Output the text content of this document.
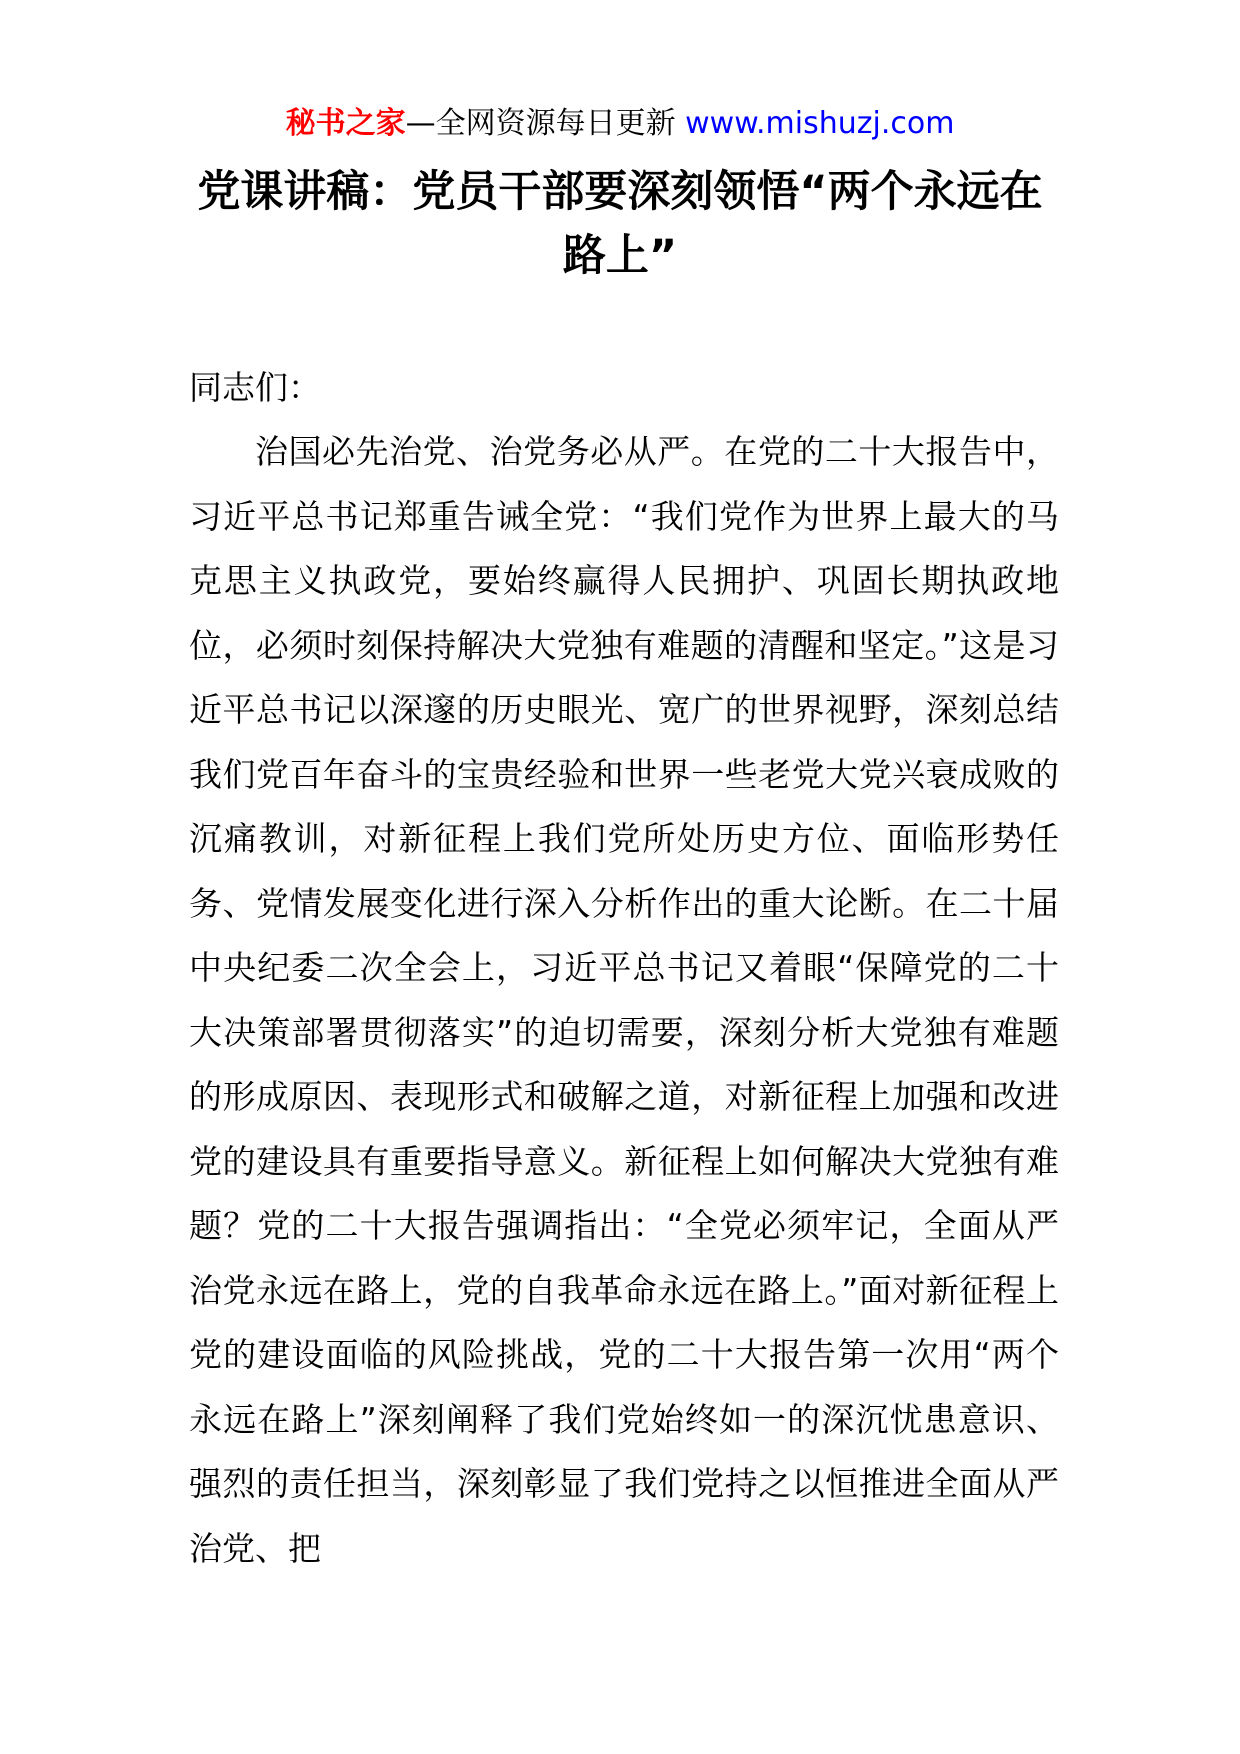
秘书之家—全网资源每日更新 www.mishuzj.com
党课讲稿：党员干部要深刻领悟“两个永远在路上”
同志们：

治国必先治党、治党务必从严。在党的二十大报告中，习近平总书记郑重告诫全党：“我们党作为世界上最大的马克思主义执政党，要始终赢得人民拥护、巩固长期执政地位，必须时刻保持解决大党独有难题的清醒和坚定。”这是习近平总书记以深邃的历史眼光、宽广的世界视野，深刻总结我们党百年奋斗的宝贵经验和世界一些老党大党兴衰成败的沉痛教训，对新征程上我们党所处历史方位、面临形势任务、党情发展变化进行深入分析作出的重大论断。在二十届中央纪委二次全会上，习近平总书记又着眼“保障党的二十大决策部署贯彻落实”的迫切需要，深刻分析大党独有难题的形成原因、表现形式和破解之道，对新征程上加强和改进党的建设具有重要指导意义。新征程上如何解决大党独有难题？党的二十大报告强调指出：“全党必须牢记，全面从严治党永远在路上，党的自我革命永远在路上。”面对新征程上党的建设面临的风险挑战，党的二十大报告第一次用“两个永远在路上”深刻阐释了我们党始终如一的深沉忧患意识、强烈的责任担当，深刻彰显了我们党持之以恒推进全面从严治党、把
